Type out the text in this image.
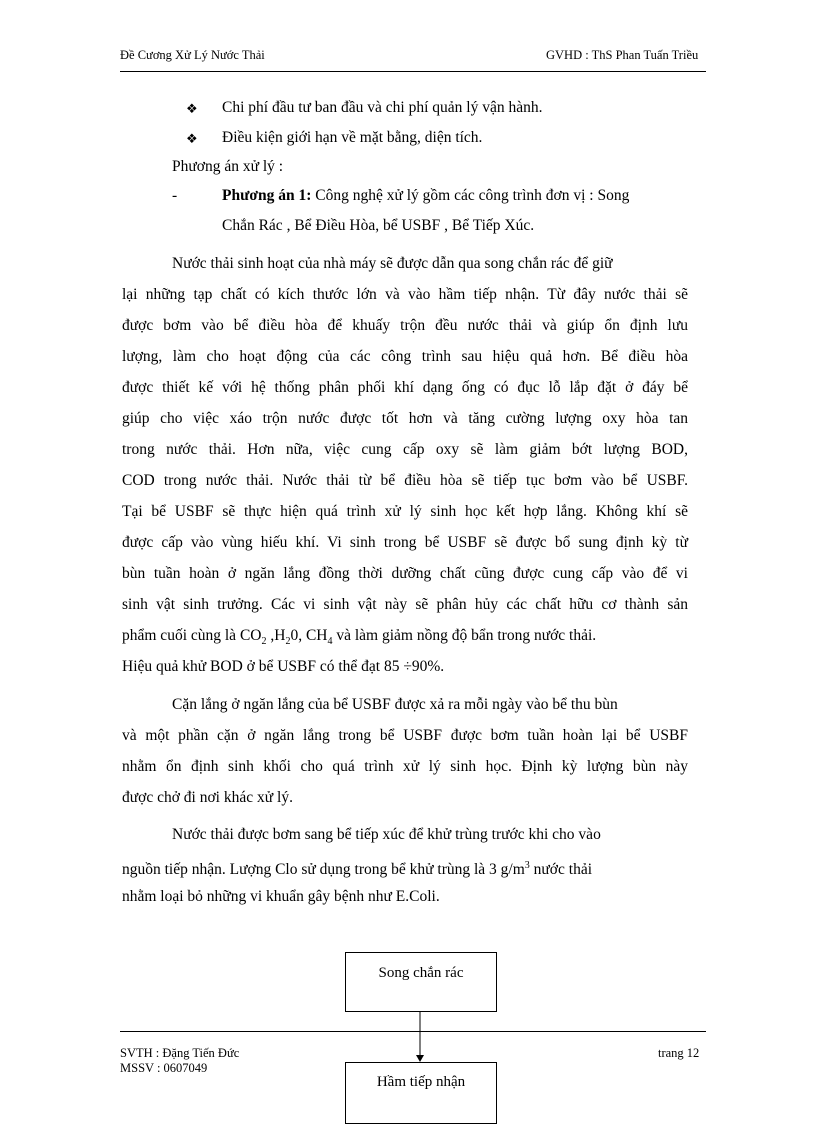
Đề Cương Xử Lý Nước Thải	GVHD : ThS Phan Tuấn Triều
❖ Chi phí đầu tư ban đầu và chi phí quản lý vận hành.
❖ Điều kiện giới hạn về mặt bằng, diện tích.
Phương án xử lý :
-	Phương án 1: Công nghệ xử lý gồm các công trình đơn vị : Song
Chắn Rác , Bể Điều Hòa, bể USBF , Bể Tiếp Xúc.
Nước thải sinh hoạt của nhà máy sẽ được dẫn qua song chắn rác để giữ
lại những tạp chất có kích thước lớn và vào hầm tiếp nhận. Từ đây nước thải sẽ
được bơm vào bể điều hòa để khuấy trộn đều nước thải và giúp ổn định lưu
lượng, làm cho hoạt động của các công trình sau hiệu quả hơn. Bể điều hòa
được thiết kế với hệ thống phân phối khí dạng ống có đục lỗ lắp đặt ở đáy bể
giúp cho việc xáo trộn nước được tốt hơn và tăng cường lượng oxy hòa tan
trong nước thải. Hơn nữa, việc cung cấp oxy sẽ làm giảm bớt lượng BOD,
COD trong nước thải. Nước thải từ bể điều hòa sẽ tiếp tục bơm vào bể USBF.
Tại bể USBF sẽ thực hiện quá trình xử lý sinh học kết hợp lắng. Không khí sẽ
được cấp vào vùng hiếu khí. Vi sinh trong bể USBF sẽ được bổ sung định kỳ từ
bùn tuần hoàn ở ngăn lắng đồng thời dưỡng chất cũng được cung cấp vào để vi
sinh vật sinh trưởng. Các vi sinh vật này sẽ phân hủy các chất hữu cơ thành sản
phẩm cuối cùng là $CO_2$ $,H_20$, $CH_4$ và làm giảm nồng độ bẩn trong nước thải.
Hiệu quả khử BOD ở bể USBF có thể đạt 85 ÷90%.
Cặn lắng ở ngăn lắng của bể USBF được xả ra mỗi ngày vào bể thu bùn
và một phần cặn ở ngăn lắng trong bể USBF được bơm tuần hoàn lại bể USBF
nhằm ổn định sinh khối cho quá trình xử lý sinh học. Định kỳ lượng bùn này
được chở đi nơi khác xử lý.
Nước thải được bơm sang bể tiếp xúc để khử trùng trước khi cho vào
nguồn tiếp nhận. Lượng Clo sử dụng trong bể khử trùng là 3 $g/m^3$ nước thải
nhằm loại bỏ những vi khuẩn gây bệnh như E.Coli.
Song chắn rác
Hầm tiếp nhận
SVTH : Đặng Tiến Đức
MSSV : 0607049
trang 12
